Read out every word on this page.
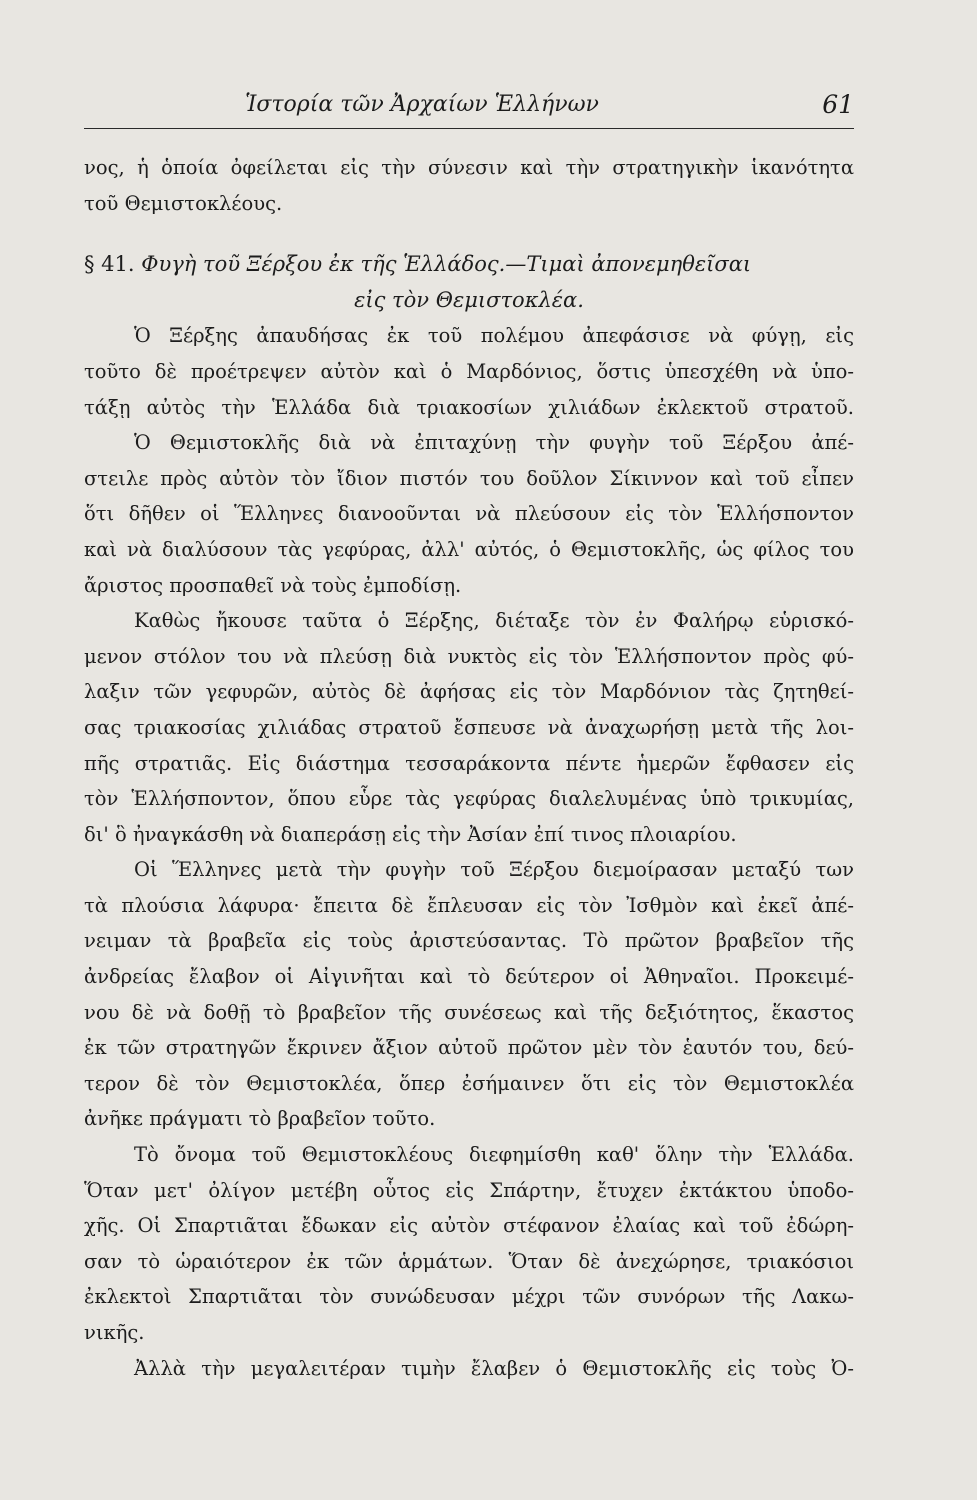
Ἱστορία τῶν Ἀρχαίων Ἑλλήνων	61
νος, ἡ ὁποία ὀφείλεται εἰς τὴν σύνεσιν καὶ τὴν στρατηγικὴν ἱκανότητα
τοῦ Θεμιστοκλέους.
§ 41. Φυγὴ τοῦ Ξέρξου ἐκ τῆς Ἑλλάδος.—Τιμαὶ ἀπονεμηθεῖσαι
εἰς τὸν Θεμιστοκλέα.
Ὁ Ξέρξης ἀπαυδήσας ἐκ τοῦ πολέμου ἀπεφάσισε νὰ φύγῃ, εἰς
τοῦτο δὲ προέτρεψεν αὐτὸν καὶ ὁ Μαρδόνιος, ὅστις ὑπεσχέθη νὰ ὑπο-
τάξῃ αὐτὸς τὴν Ἑλλάδα διὰ τριακοσίων χιλιάδων ἐκλεκτοῦ στρατοῦ.
Ὁ Θεμιστοκλῆς διὰ νὰ ἐπιταχύνῃ τὴν φυγὴν τοῦ Ξέρξου ἀπέ-
στειλε πρὸς αὐτὸν τὸν ἴδιον πιστόν του δοῦλον Σίκιννον καὶ τοῦ εἶπεν
ὅτι δῆθεν οἱ Ἕλληνες διανοοῦνται νὰ πλεύσουν εἰς τὸν Ἑλλήσποντον
καὶ νὰ διαλύσουν τὰς γεφύρας, ἀλλ' αὐτός, ὁ Θεμιστοκλῆς, ὡς φίλος του
ἄριστος προσπαθεῖ νὰ τοὺς ἐμποδίσῃ.
Καθὼς ἤκουσε ταῦτα ὁ Ξέρξης, διέταξε τὸν ἐν Φαλήρῳ εὑρισκό-
μενον στόλον του νὰ πλεύσῃ διὰ νυκτὸς εἰς τὸν Ἑλλήσποντον πρὸς φύ-
λαξιν τῶν γεφυρῶν, αὐτὸς δὲ ἀφήσας εἰς τὸν Μαρδόνιον τὰς ζητηθεί-
σας τριακοσίας χιλιάδας στρατοῦ ἔσπευσε νὰ ἀναχωρήσῃ μετὰ τῆς λοι-
πῆς στρατιᾶς. Εἰς διάστημα τεσσαράκοντα πέντε ἡμερῶν ἔφθασεν εἰς
τὸν Ἑλλήσποντον, ὅπου εὗρε τὰς γεφύρας διαλελυμένας ὑπὸ τρικυμίας,
δι' ὃ ἠναγκάσθη νὰ διαπεράσῃ εἰς τὴν Ἀσίαν ἐπί τινος πλοιαρίου.
Οἱ Ἕλληνες μετὰ τὴν φυγὴν τοῦ Ξέρξου διεμοίρασαν μεταξύ των
τὰ πλούσια λάφυρα· ἔπειτα δὲ ἔπλευσαν εἰς τὸν Ἰσθμὸν καὶ ἐκεῖ ἀπέ-
νειμαν τὰ βραβεῖα εἰς τοὺς ἀριστεύσαντας. Τὸ πρῶτον βραβεῖον τῆς
ἀνδρείας ἔλαβον οἱ Αἰγινῆται καὶ τὸ δεύτερον οἱ Ἀθηναῖοι. Προκειμέ-
νου δὲ νὰ δοθῇ τὸ βραβεῖον τῆς συνέσεως καὶ τῆς δεξιότητος, ἕκαστος
ἐκ τῶν στρατηγῶν ἔκρινεν ἄξιον αὐτοῦ πρῶτον μὲν τὸν ἑαυτόν του, δεύ-
τερον δὲ τὸν Θεμιστοκλέα, ὅπερ ἐσήμαινεν ὅτι εἰς τὸν Θεμιστοκλέα
ἀνῆκε πράγματι τὸ βραβεῖον τοῦτο.
Τὸ ὄνομα τοῦ Θεμιστοκλέους διεφημίσθη καθ' ὅλην τὴν Ἑλλάδα.
Ὅταν μετ' ὀλίγον μετέβη οὗτος εἰς Σπάρτην, ἔτυχεν ἐκτάκτου ὑποδο-
χῆς. Οἱ Σπαρτιᾶται ἔδωκαν εἰς αὐτὸν στέφανον ἐλαίας καὶ τοῦ ἐδώρη-
σαν τὸ ὡραιότερον ἐκ τῶν ἁρμάτων. Ὅταν δὲ ἀνεχώρησε, τριακόσιοι
ἐκλεκτοὶ Σπαρτιᾶται τὸν συνώδευσαν μέχρι τῶν συνόρων τῆς Λακω-
νικῆς.
Ἀλλὰ τὴν μεγαλειτέραν τιμὴν ἔλαβεν ὁ Θεμιστοκλῆς εἰς τοὺς Ὀ-
